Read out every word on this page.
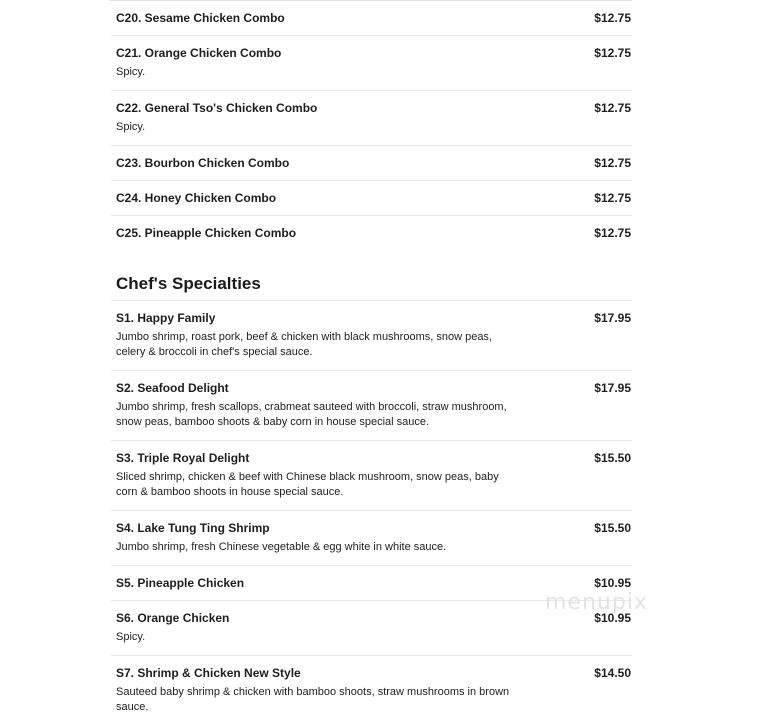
C20. Sesame Chicken Combo	$12.75
C21. Orange Chicken Combo	$12.75
Spicy.
C22. General Tso's Chicken Combo	$12.75
Spicy.
C23. Bourbon Chicken Combo	$12.75
C24. Honey Chicken Combo	$12.75
C25. Pineapple Chicken Combo	$12.75
Chef's Specialties
S1. Happy Family	$17.95
Jumbo shrimp, roast pork, beef & chicken with black mushrooms, snow peas, celery & broccoli in chef's special sauce.
S2. Seafood Delight	$17.95
Jumbo shrimp, fresh scallops, crabmeat sauteed with broccoli, straw mushroom, snow peas, bamboo shoots & baby corn in house special sauce.
S3. Triple Royal Delight	$15.50
Sliced shrimp, chicken & beef with Chinese black mushroom, snow peas, baby corn & bamboo shoots in house special sauce.
S4. Lake Tung Ting Shrimp	$15.50
Jumbo shrimp, fresh Chinese vegetable & egg white in white sauce.
S5. Pineapple Chicken	$10.95
S6. Orange Chicken	$10.95
Spicy.
S7. Shrimp & Chicken New Style	$14.50
Sauteed baby shrimp & chicken with bamboo shoots, straw mushrooms in brown sauce.
menupix
